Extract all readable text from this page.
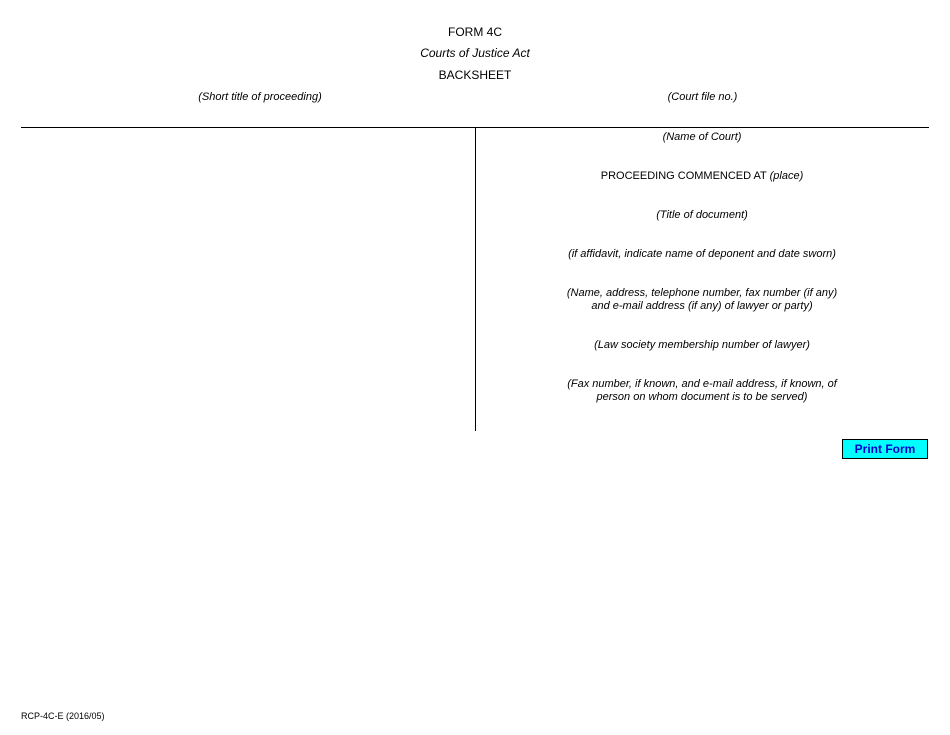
FORM 4C
Courts of Justice Act
BACKSHEET
(Short title of proceeding)	(Court file no.)
(Name of Court)
PROCEEDING COMMENCED AT (place)
(Title of document)
(if affidavit, indicate name of deponent and date sworn)
(Name, address, telephone number, fax number (if any)
and e-mail address (if any) of lawyer or party)
(Law society membership number of lawyer)
(Fax number, if known, and e-mail address, if known, of
person on whom document is to be served)
Print Form
RCP-4C-E (2016/05)
